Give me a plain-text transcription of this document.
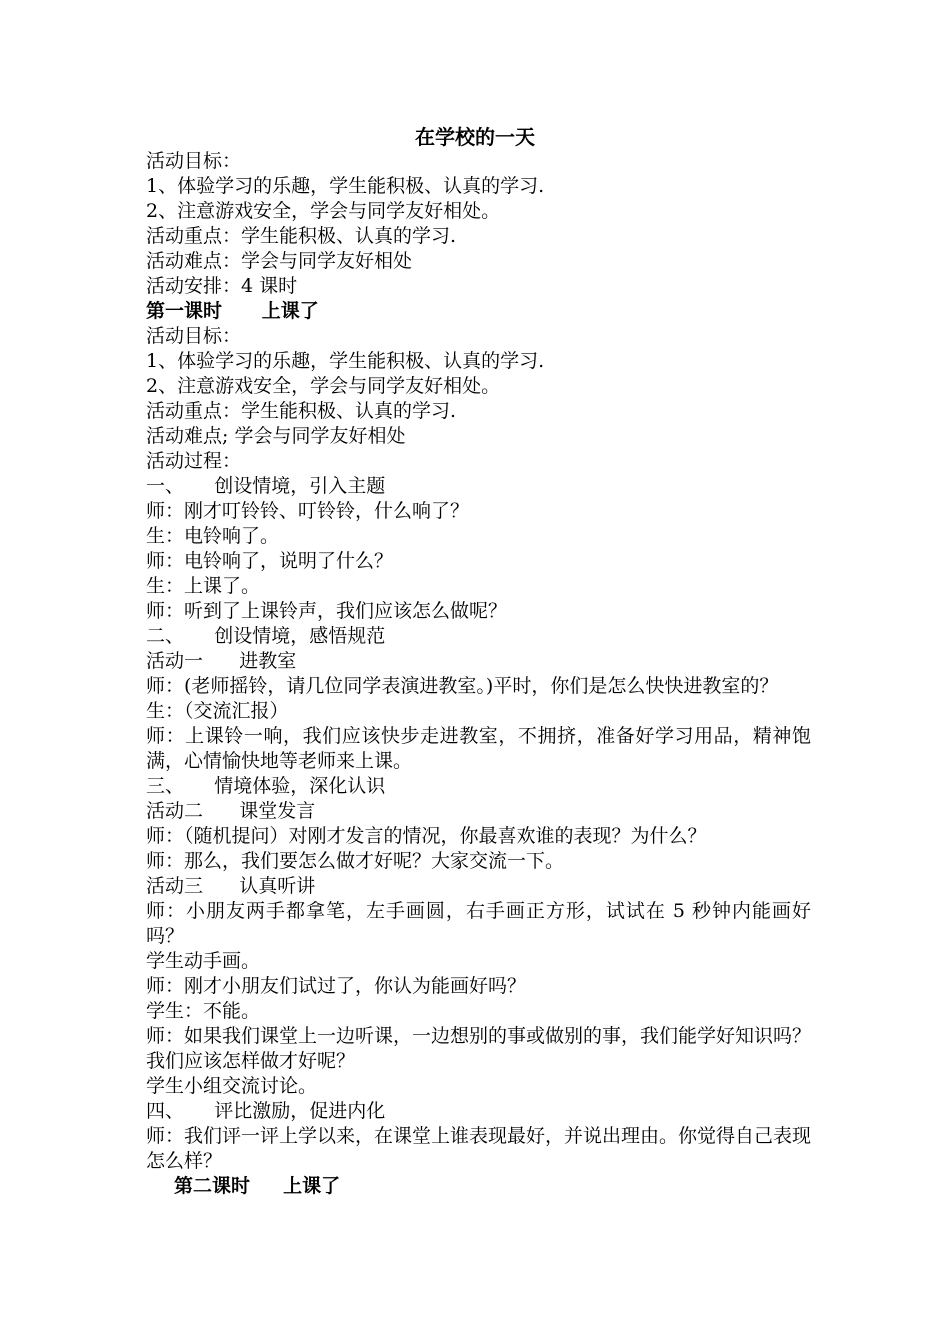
在学校的一天

活动目标：

1、体验学习的乐趣，学生能积极、认真的学习.

2、注意游戏安全，学会与同学友好相处。

活动重点：学生能积极、认真的学习.

活动难点：学会与同学友好相处

活动安排：4 课时

第一课时      上课了

活动目标：

1、体验学习的乐趣，学生能积极、认真的学习.

2、注意游戏安全，学会与同学友好相处。

活动重点：学生能积极、认真的学习.

活动难点; 学会与同学友好相处

活动过程：

一、     创设情境，引入主题

师：刚才叮铃铃、叮铃铃，什么响了？

生：电铃响了。

师：电铃响了，说明了什么？

生：上课了。

师：听到了上课铃声，我们应该怎么做呢？

二、     创设情境，感悟规范

活动一      进教室

师：(老师摇铃，请几位同学表演进教室。)平时，你们是怎么快快进教室的？

生：（交流汇报）

师：上课铃一响，我们应该快步走进教室，不拥挤，准备好学习用品，精神饱满，心情愉快地等老师来上课。

三、     情境体验，深化认识

活动二      课堂发言

师：（随机提问）对刚才发言的情况，你最喜欢谁的表现？为什么？

师：那么，我们要怎么做才好呢？大家交流一下。

活动三      认真听讲

师：小朋友两手都拿笔，左手画圆，右手画正方形，试试在 5 秒钟内能画好吗？

学生动手画。

师：刚才小朋友们试过了，你认为能画好吗？

学生：不能。

师：如果我们课堂上一边听课，一边想别的事或做别的事，我们能学好知识吗？我们应该怎样做才好呢？

学生小组交流讨论。

四、     评比激励，促进内化

师：我们评一评上学以来，在课堂上谁表现最好，并说出理由。你觉得自己表现怎么样？

第二课时     上课了
